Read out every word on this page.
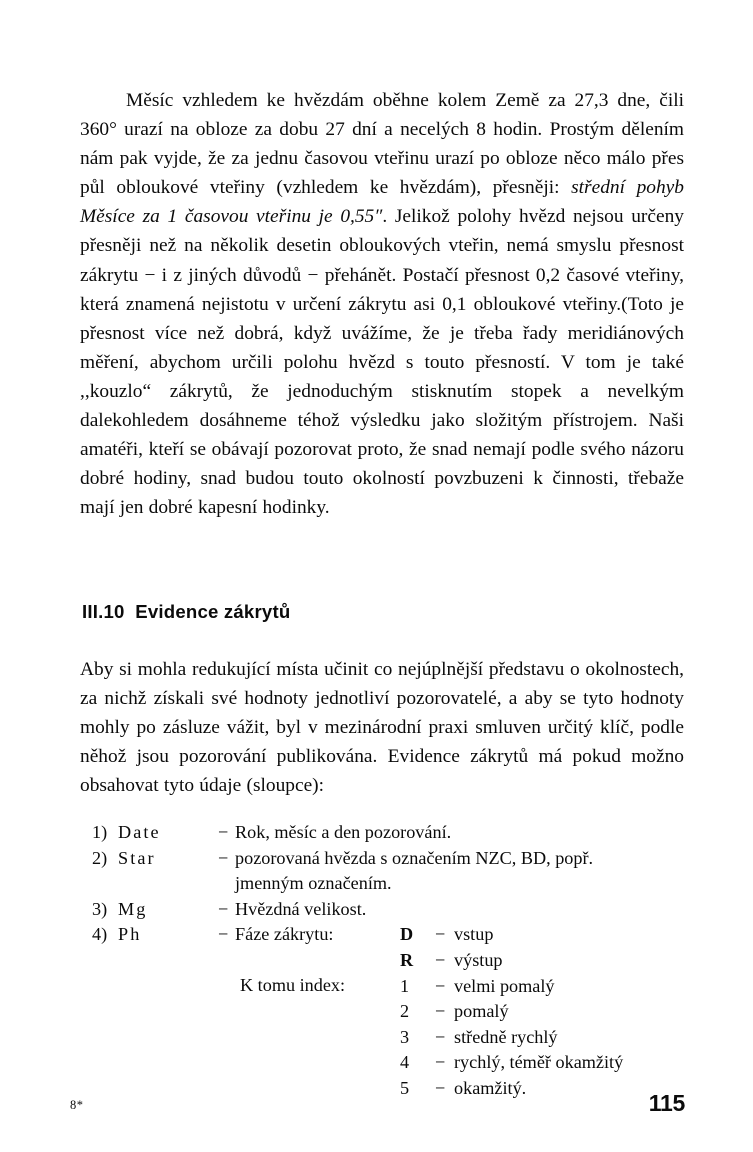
Měsíc vzhledem ke hvězdám oběhne kolem Země za 27,3 dne, čili 360° urazí na obloze za dobu 27 dní a necelých 8 hodin. Prostým dělením nám pak vyjde, že za jednu časovou vteřinu urazí po obloze něco málo přes půl obloukové vteřiny (vzhledem ke hvězdám), přesněji: střední pohyb Měsíce za 1 časovou vteřinu je 0,55″. Jelikož polohy hvězd nejsou určeny přesněji než na několik desetin obloukových vteřin, nemá smyslu přesnost zákrytu − i z jiných důvodů − přehánět. Postačí přesnost 0,2 časové vteřiny, která znamená nejistotu v určení zákrytu asi 0,1 obloukové vteřiny.(Toto je přesnost více než dobrá, když uvážíme, že je třeba řady meridiánových měření, abychom určili polohu hvězd s touto přesností. V tom je také ,,kouzlo“ zákrytů, že jednoduchým stisknutím stopek a nevelkým dalekohledem dosáhneme téhož výsledku jako složitým přístrojem. Naši amatéři, kteří se obávají pozorovat proto, že snad nemají podle svého názoru dobré hodiny, snad budou touto okolností povzbuzeni k činnosti, třebaže mají jen dobré kapesní hodinky.

III.10  Evidence zákrytů

Aby si mohla redukující místa učinit co nejúplnější představu o okolnostech, za nichž získali své hodnoty jednotliví pozorovatelé, a aby se tyto hodnoty mohly po zásluze vážit, byl v mezinárodní praxi smluven určitý klíč, podle něhož jsou pozorování publikována. Evidence zákrytů má pokud možno obsahovat tyto údaje (sloupce):

1) Date	− Rok, měsíc a den pozorování.
2) Star	− pozorovaná hvězda s označením NZC, BD, popř.
jmenným označením.
3) Mg	− Hvězdná velikost.
4) Ph	− Fáze zákrytu:
K tomu index:
D	− vstup
R	− výstup
1	− velmi pomalý
2	− pomalý
3	− středně rychlý
4	− rychlý, téměř okamžitý
5	− okamžitý.
8*	115
